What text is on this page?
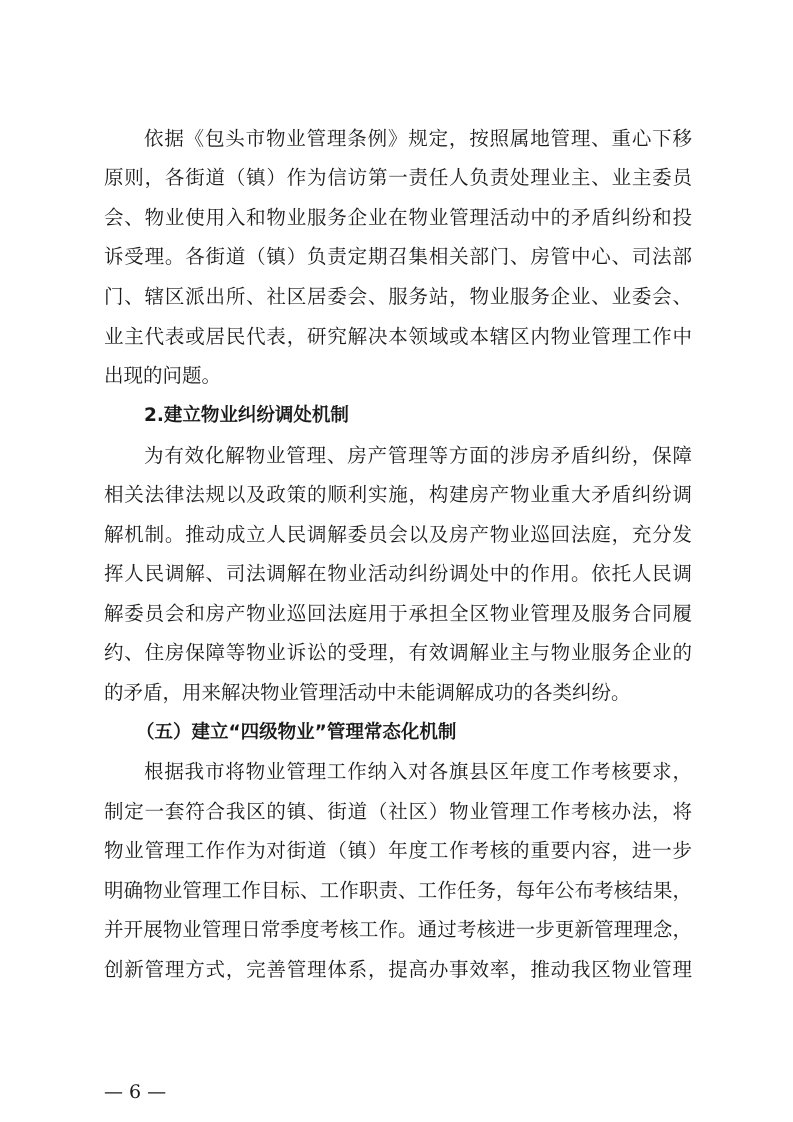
依据《包头市物业管理条例》规定，按照属地管理、重心下移
原则，各街道（镇）作为信访第一责任人负责处理业主、业主委员
会、物业使用入和物业服务企业在物业管理活动中的矛盾纠纷和投
诉受理。各街道（镇）负责定期召集相关部门、房管中心、司法部
门、辖区派出所、社区居委会、服务站，物业服务企业、业委会、
业主代表或居民代表，研究解决本领域或本辖区内物业管理工作中
出现的问题。
2.建立物业纠纷调处机制
为有效化解物业管理、房产管理等方面的涉房矛盾纠纷，保障
相关法律法规以及政策的顺利实施，构建房产物业重大矛盾纠纷调
解机制。推动成立人民调解委员会以及房产物业巡回法庭，充分发
挥人民调解、司法调解在物业活动纠纷调处中的作用。依托人民调
解委员会和房产物业巡回法庭用于承担全区物业管理及服务合同履
约、住房保障等物业诉讼的受理，有效调解业主与物业服务企业的
的矛盾，用来解决物业管理活动中未能调解成功的各类纠纷。
（五）建立“四级物业”管理常态化机制
根据我市将物业管理工作纳入对各旗县区年度工作考核要求，
制定一套符合我区的镇、街道（社区）物业管理工作考核办法，将
物业管理工作作为对街道（镇）年度工作考核的重要内容，进一步
明确物业管理工作目标、工作职责、工作任务，每年公布考核结果，
并开展物业管理日常季度考核工作。通过考核进一步更新管理理念，
创新管理方式，完善管理体系，提高办事效率，推动我区物业管理
— 6 —
